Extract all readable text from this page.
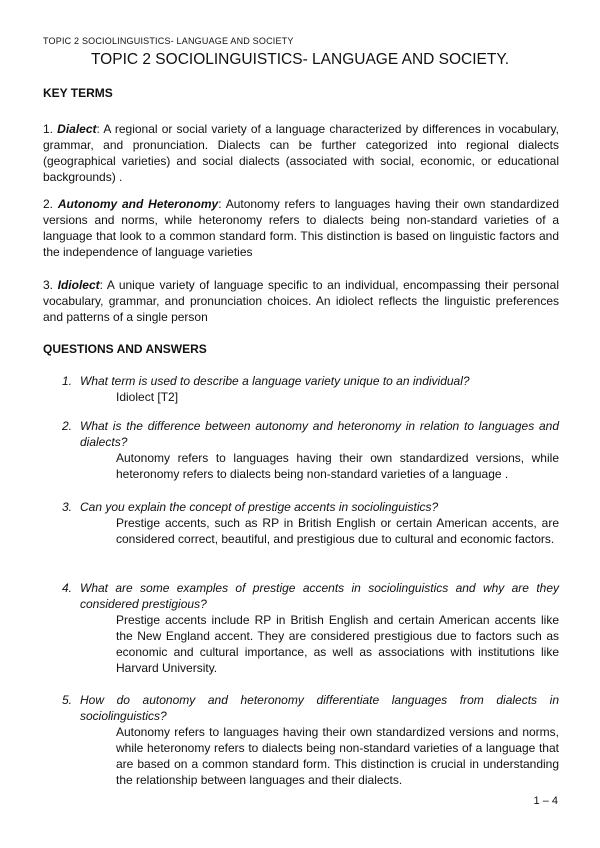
TOPIC 2 SOCIOLINGUISTICS- LANGUAGE AND SOCIETY
TOPIC 2 SOCIOLINGUISTICS- LANGUAGE AND SOCIETY.
KEY TERMS
1. Dialect: A regional or social variety of a language characterized by differences in vocabulary, grammar, and pronunciation. Dialects can be further categorized into regional dialects (geographical varieties) and social dialects (associated with social, economic, or educational backgrounds) .
2. Autonomy and Heteronomy: Autonomy refers to languages having their own standardized versions and norms, while heteronomy refers to dialects being non-standard varieties of a language that look to a common standard form. This distinction is based on linguistic factors and the independence of language varieties
3. Idiolect: A unique variety of language specific to an individual, encompassing their personal vocabulary, grammar, and pronunciation choices. An idiolect reflects the linguistic preferences and patterns of a single person
QUESTIONS AND ANSWERS
1. What term is used to describe a language variety unique to an individual?
Idiolect [T2]
2. What is the difference between autonomy and heteronomy in relation to languages and dialects?
Autonomy refers to languages having their own standardized versions, while heteronomy refers to dialects being non-standard varieties of a language .
3. Can you explain the concept of prestige accents in sociolinguistics?
Prestige accents, such as RP in British English or certain American accents, are considered correct, beautiful, and prestigious due to cultural and economic factors.
4. What are some examples of prestige accents in sociolinguistics and why are they considered prestigious?
Prestige accents include RP in British English and certain American accents like the New England accent. They are considered prestigious due to factors such as economic and cultural importance, as well as associations with institutions like Harvard University.
5. How do autonomy and heteronomy differentiate languages from dialects in sociolinguistics?
Autonomy refers to languages having their own standardized versions and norms, while heteronomy refers to dialects being non-standard varieties of a language that are based on a common standard form. This distinction is crucial in understanding the relationship between languages and their dialects.
1 – 4
